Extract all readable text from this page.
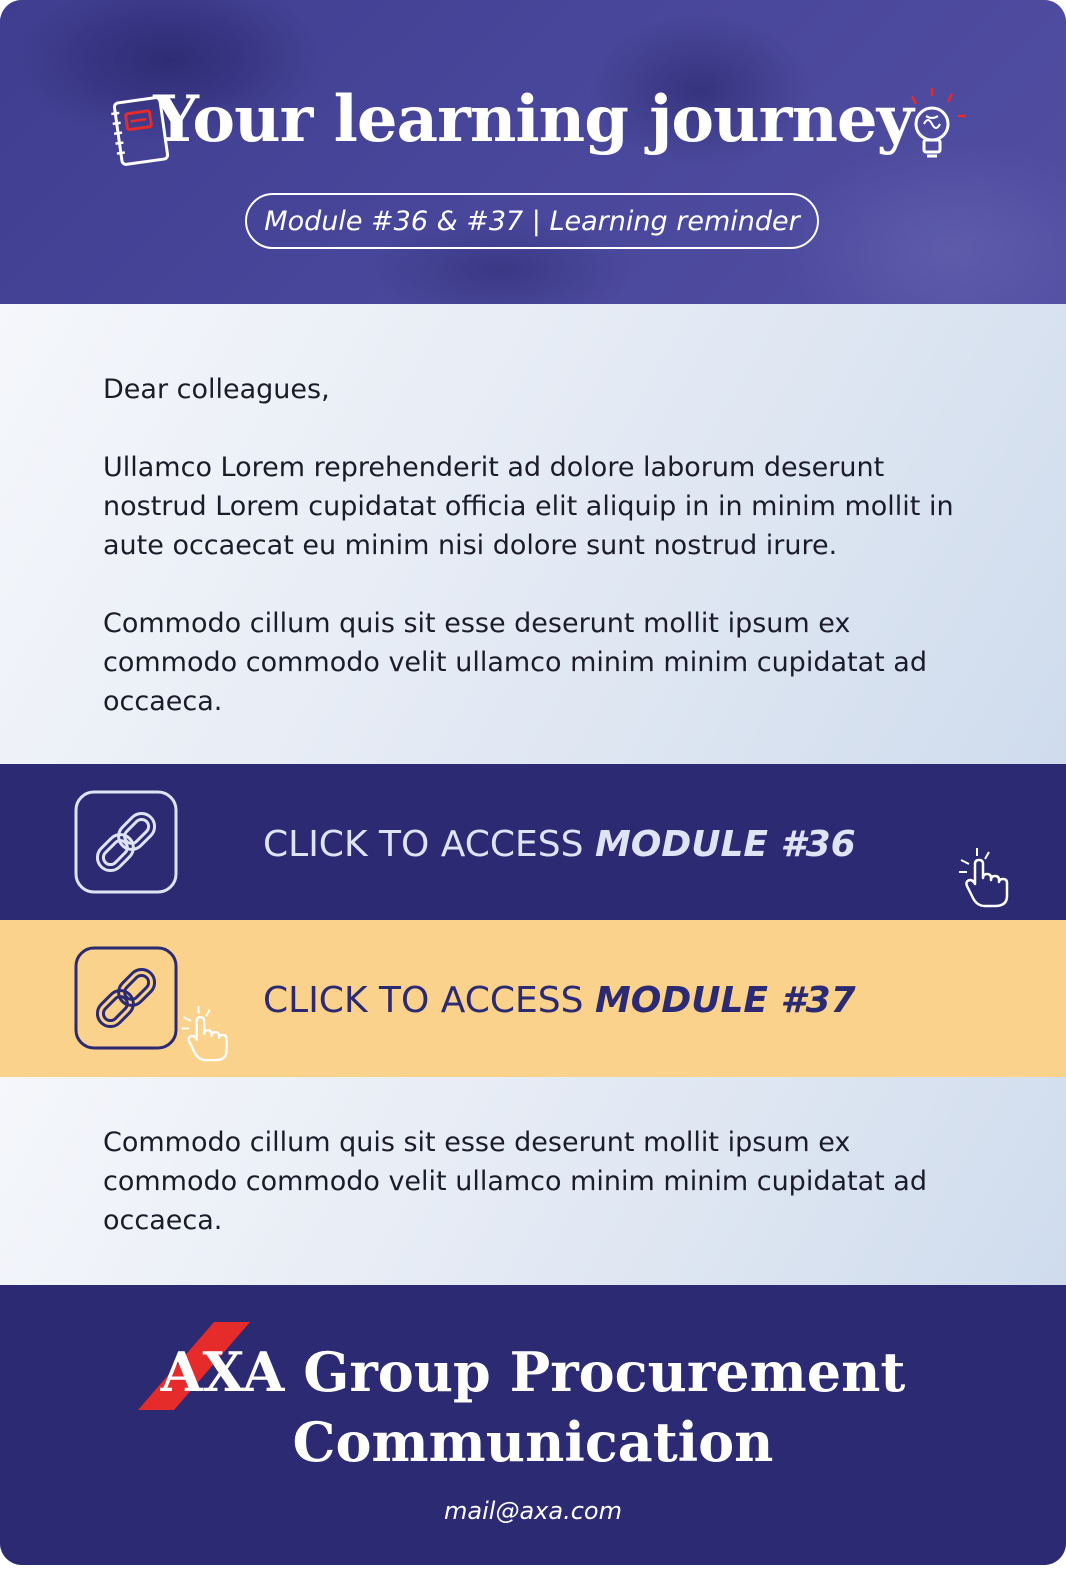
Your learning journey
Module #36 & #37 | Learning reminder
Dear colleagues,
Ullamco Lorem reprehenderit ad dolore laborum deserunt nostrud Lorem cupidatat officia elit aliquip in in minim mollit in aute occaecat eu minim nisi dolore sunt nostrud irure.
Commodo cillum quis sit esse deserunt mollit ipsum ex commodo commodo velit ullamco minim minim cupidatat ad occaeca.
CLICK TO ACCESS MODULE #36
CLICK TO ACCESS MODULE #37
Commodo cillum quis sit esse deserunt mollit ipsum ex commodo commodo velit ullamco minim minim cupidatat ad occaeca.
AXA Group Procurement
Communication
mail@axa.com
